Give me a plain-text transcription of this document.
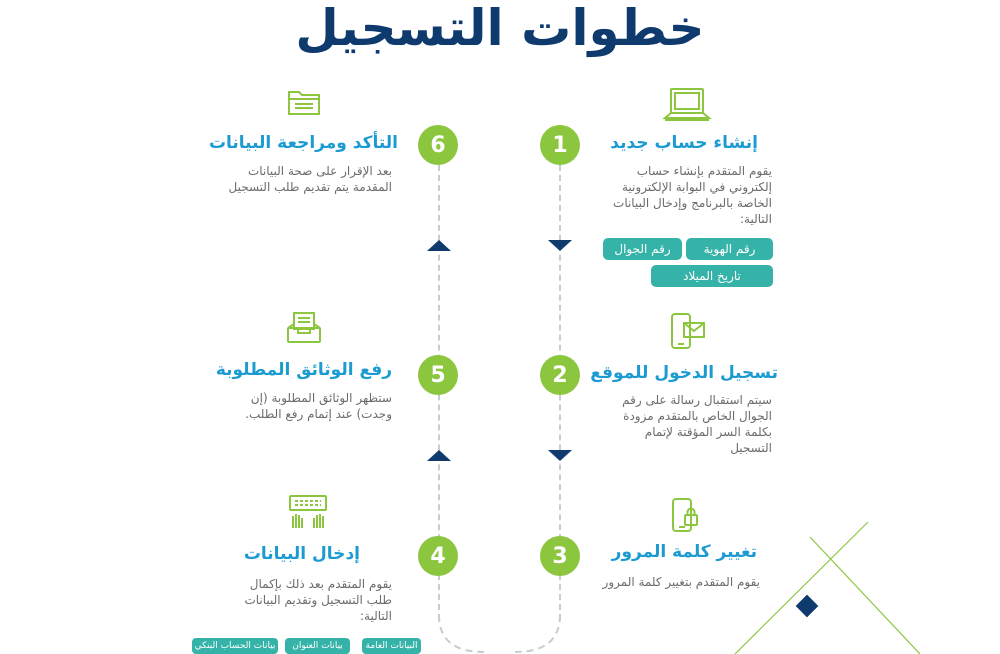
خطوات التسجيل
1	إنشاء حساب جديد
يقوم المتقدم بإنشاء حساب إلكتروني في البوابة الإلكترونية الخاصة بالبرنامج وإدخال البيانات التالية:
رقم الهوية
رقم الجوال
تاريخ الميلاد
2	تسجيل الدخول للموقع
سيتم استقبال رسالة على رقم الجوال الخاص بالمتقدم مزودة بكلمة السر المؤقتة لإتمام التسجيل
3	تغيير كلمة المرور
يقوم المتقدم بتغيير كلمة المرور
4
إدخال البيانات
يقوم المتقدم بعد ذلك بإكمال طلب التسجيل وتقديم البيانات التالية:
البيانات العامة
بيانات العنوان
بيانات الحساب البنكي
5
رفع الوثائق المطلوبة
ستظهر الوثائق المطلوبة (إن وجدت) عند إتمام رفع الطلب.
6
التأكد ومراجعة البيانات
بعد الإقرار على صحة البيانات المقدمة يتم تقديم طلب التسجيل
